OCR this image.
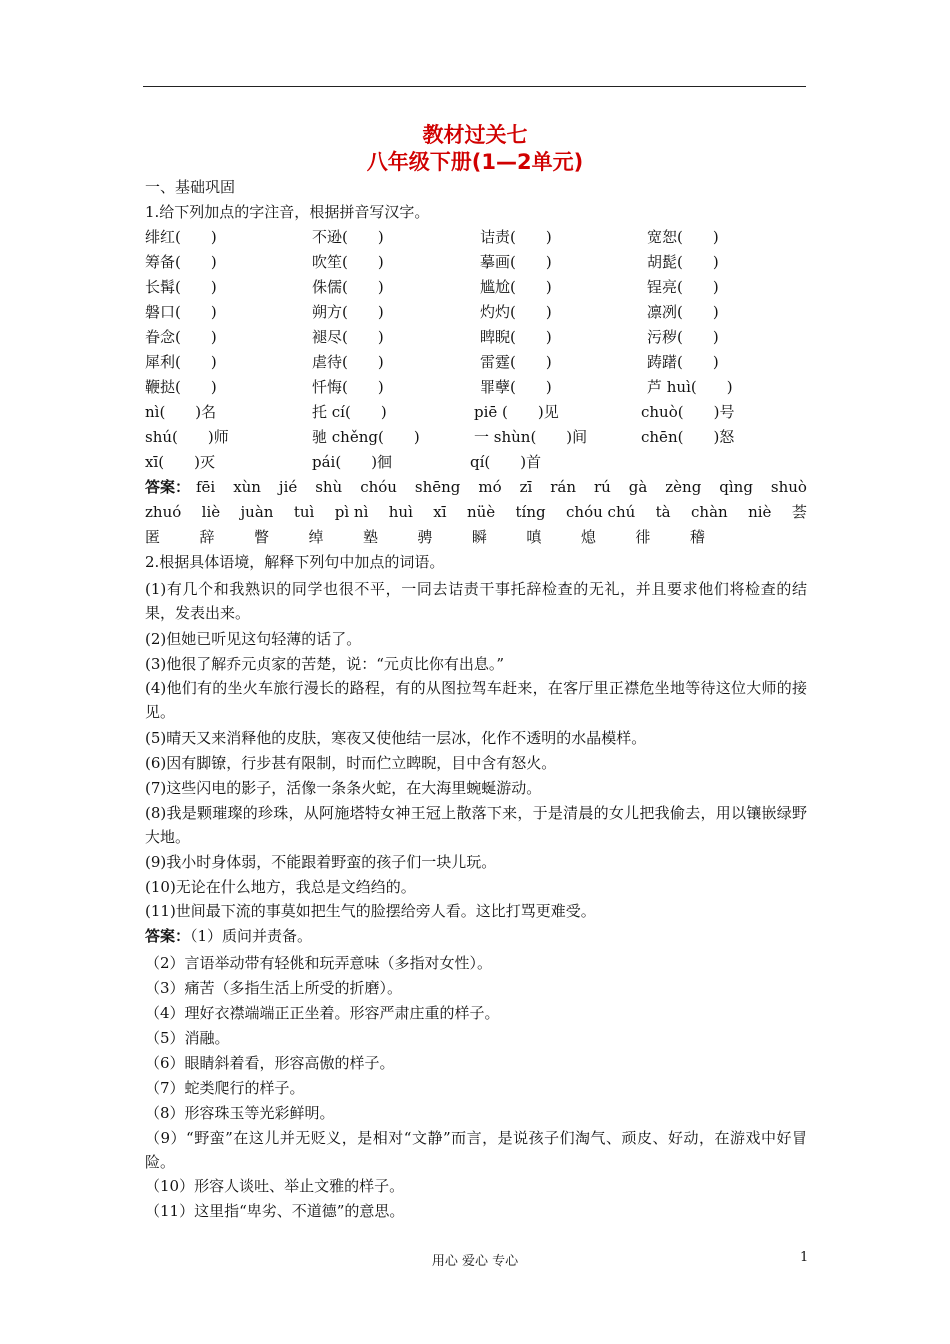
教材过关七
八年级下册(1—2单元)
一、基础巩固
1.给下列加点的字注音，根据拼音写汉字。
绯红(　　)	不逊(　　)	诘责(　　)	宽恕(　　)
筹备(　　)	吹笙(　　)	摹画(　　)	胡髭(　　)
长髯(　　)	侏儒(　　)	尴尬(　　)	锃亮(　　)
磐口(　　)	朔方(　　)	灼灼(　　)	凛冽(　　)
眷念(　　)	褪尽(　　)	睥睨(　　)	污秽(　　)
犀利(　　)	虐待(　　)	雷霆(　　)	踌躇(　　)
鞭挞(　　)	忏悔(　　)	罪孽(　　)	芦 huì(　　)
nì(　　)名	托 cí(　　)	piē (　　)见	chuò(　　)号
shú(　　)师	驰 chěng(　　)	一 shùn(　　)间	chēn(　　)怒
xī(　　)灭	pái(　　)徊	qí(　　)首
答案： fēi xùn jié shù chóu shēng mó zī rán rú gà zèng qìng shuò
zhuó liè juàn tuì pì nì huì xī nüè tíng chóu chú tà chàn niè 荟
匿	辞	瞥	绰	塾	骋	瞬	嗔	熄	徘	稽
2.根据具体语境，解释下列句中加点的词语。
(1)有几个和我熟识的同学也很不平，一同去诘责干事托辞检查的无礼，并且要求他们将检查的结果，发表出来。
(2)但她已听见这句轻薄的话了。
(3)他很了解乔元贞家的苦楚，说：“元贞比你有出息。”
(4)他们有的坐火车旅行漫长的路程，有的从图拉驾车赶来，在客厅里正襟危坐地等待这位大师的接见。
(5)晴天又来消释他的皮肤，寒夜又使他结一层冰，化作不透明的水晶模样。
(6)因有脚镣，行步甚有限制，时而伫立睥睨，目中含有怒火。
(7)这些闪电的影子，活像一条条火蛇，在大海里蜿蜒游动。
(8)我是颗璀璨的珍珠，从阿施塔特女神王冠上散落下来，于是清晨的女儿把我偷去，用以镶嵌绿野大地。
(9)我小时身体弱，不能跟着野蛮的孩子们一块儿玩。
(10)无论在什么地方，我总是文绉绉的。
(11)世间最下流的事莫如把生气的脸摆给旁人看。这比打骂更难受。
答案：（1）质问并责备。
（2）言语举动带有轻佻和玩弄意味（多指对女性）。
（3）痛苦（多指生活上所受的折磨）。
（4）理好衣襟端端正正坐着。形容严肃庄重的样子。
（5）消融。
（6）眼睛斜着看，形容高傲的样子。
（7）蛇类爬行的样子。
（8）形容珠玉等光彩鲜明。
（9）“野蛮”在这儿并无贬义，是相对“文静”而言，是说孩子们淘气、顽皮、好动，在游戏中好冒险。
（10）形容人谈吐、举止文雅的样子。
（11）这里指“卑劣、不道德”的意思。
用心 爱心 专心	1
